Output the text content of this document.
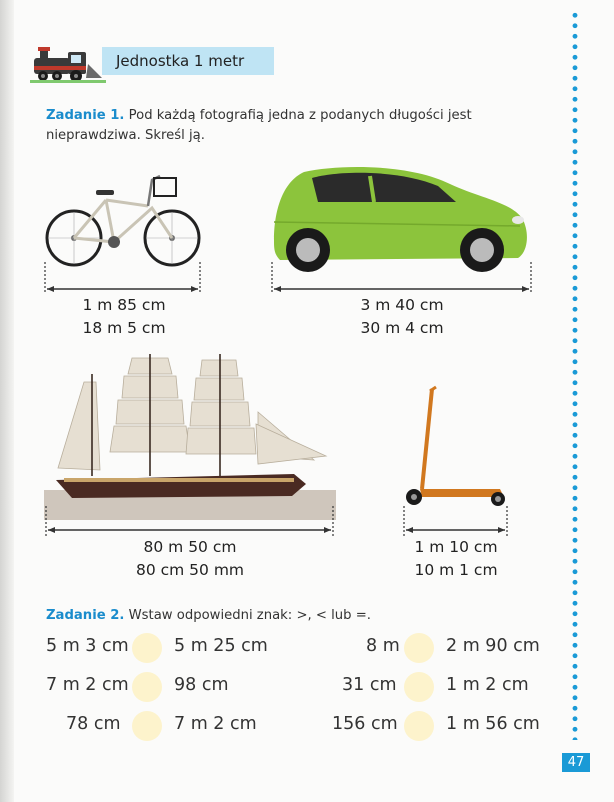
Jednostka 1 metr
Zadanie 1. Pod każdą fotografią jedna z podanych długości jest nieprawdziwa. Skreśl ją.
1 m 85 cm
18 m 5 cm
3 m 40 cm
30 m 4 cm
80 m 50 cm
80 cm 50 mm
1 m 10 cm
10 m 1 cm
Zadanie 2. Wstaw odpowiedni znak: >, < lub =.
5 m 3 cm	5 m 25 cm	8 m	2 m 90 cm
7 m 2 cm	98 cm	31 cm	1 m 2 cm
78 cm	7 m 2 cm	156 cm	1 m 56 cm
47
